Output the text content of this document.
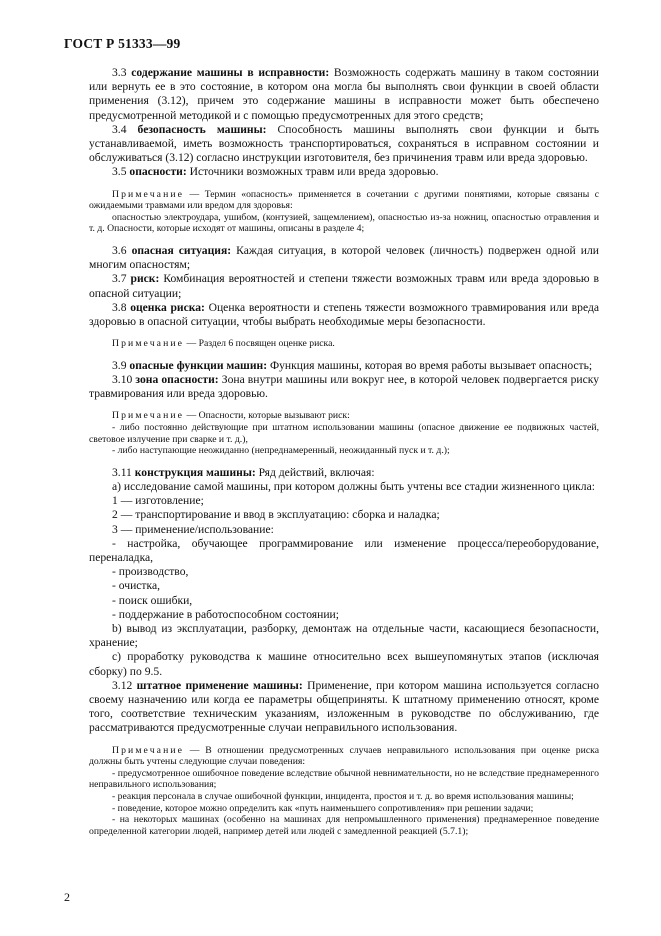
ГОСТ Р 51333—99

3.3 содержание машины в исправности: Возможность содержать машину в таком состоянии или вернуть ее в это состояние, в котором она могла бы выполнять свои функции в своей области применения (3.12), причем это содержание машины в исправности может быть обеспечено предусмотренной методикой и с помощью предусмотренных для этого средств;

3.4 безопасность машины: Способность машины выполнять свои функции и быть устанавливаемой, иметь возможность транспортироваться, сохраняться в исправном состоянии и обслуживаться (3.12) согласно инструкции изготовителя, без причинения травм или вреда здоровью.

3.5 опасности: Источники возможных травм или вреда здоровью.

Примечание — Термин «опасность» применяется в сочетании с другими понятиями, которые связаны с ожидаемыми травмами или вредом для здоровья:

опасностью электроудара, ушибом, (контузией, защемлением), опасностью из-за ножниц, опасностью отравления и т. д. Опасности, которые исходят от машины, описаны в разделе 4;

3.6 опасная ситуация: Каждая ситуация, в которой человек (личность) подвержен одной или многим опасностям;

3.7 риск: Комбинация вероятностей и степени тяжести возможных травм или вреда здоровью в опасной ситуации;

3.8 оценка риска: Оценка вероятности и степень тяжести возможного травмирования или вреда здоровью в опасной ситуации, чтобы выбрать необходимые меры безопасности.

Примечание — Раздел 6 посвящен оценке риска.

3.9 опасные функции машин: Функция машины, которая во время работы вызывает опасность;

3.10 зона опасности: Зона внутри машины или вокруг нее, в которой человек подвергается риску травмирования или вреда здоровью.

Примечание — Опасности, которые вызывают риск:

- либо постоянно действующие при штатном использовании машины (опасное движение ее подвижных частей, световое излучение при сварке и т. д.),

- либо наступающие неожиданно (непреднамеренный, неожиданный пуск и т. д.);

3.11 конструкция машины: Ряд действий, включая:

а) исследование самой машины, при котором должны быть учтены все стадии жизненного цикла:

1 — изготовление;

2 — транспортирование и ввод в эксплуатацию: сборка и наладка;

3 — применение/использование:

- настройка, обучающее программирование или изменение процесса/переоборудование, переналадка,

- производство,

- очистка,

- поиск ошибки,

- поддержание в работоспособном состоянии;

b) вывод из эксплуатации, разборку, демонтаж на отдельные части, касающиеся безопасности, хранение;

с) проработку руководства к машине относительно всех вышеупомянутых этапов (исключая сборку) по 9.5.

3.12 штатное применение машины: Применение, при котором машина используется согласно своему назначению или когда ее параметры общеприняты. К штатному применению относят, кроме того, соответствие техническим указаниям, изложенным в руководстве по обслуживанию, где рассматриваются предусмотренные случаи неправильного использования.

Примечание — В отношении предусмотренных случаев неправильного использования при оценке риска должны быть учтены следующие случаи поведения:

- предусмотренное ошибочное поведение вследствие обычной невнимательности, но не вследствие преднамеренного неправильного использования;

- реакция персонала в случае ошибочной функции, инцидента, простоя и т. д. во время использования машины;

- поведение, которое можно определить как «путь наименьшего сопротивления» при решении задачи;

- на некоторых машинах (особенно на машинах для непромышленного применения) преднамеренное поведение определенной категории людей, например детей или людей с замедленной реакцией (5.7.1);

2
